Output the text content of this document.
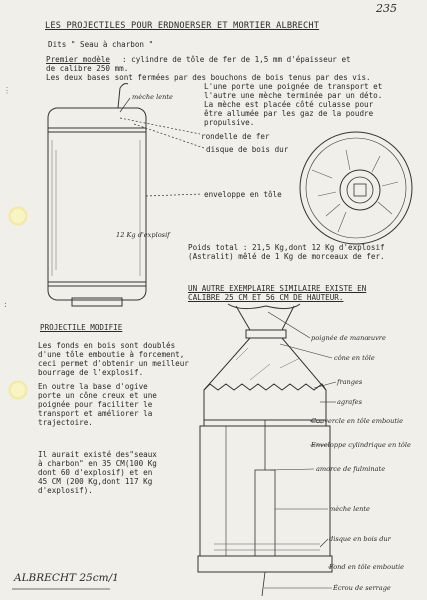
⋮
:
235
LES PROJECTILES POUR ERDNOERSER ET MORTIER ALBRECHT
Dits " Seau à charbon "
Premier modèle : cylindre de tôle de fer de 1,5 mm d'épaisseur et
de calibre 250 mm.
Les deux bases sont fermées par des bouchons de bois tenus par des vis.
L'une porte une poignée de transport et
l'autre une mèche terminée par un déto.
La mèche est placée côté culasse pour
être allumée par les gaz de la poudre
propulsive.
mèche lente
rondelle de fer
disque de bois dur
enveloppe en tôle
12 Kg d'explosif
Poids total : 21,5 Kg,dont 12 Kg d'explosif
(Astralit) mêlé de 1 Kg de morceaux de fer.
UN AUTRE EXEMPLAIRE SIMILAIRE EXISTE EN
CALIBRE 25 CM ET 56 CM DE HAUTEUR.
PROJECTILE MODIFIE
Les fonds en bois sont doublés
d'une tôle emboutie à forcement,
ceci permet d'obtenir un meilleur
bourrage de l'explosif.
En outre la base d'ogive
porte un cône creux et une
poignée pour faciliter le
transport et améliorer la
trajectoire.
Il aurait existé des"seaux
à charbon" en 35 CM(100 Kg
dont 60 d'explosif) et en
45 CM (200 Kg,dont 117 Kg
d'explosif).
poignée de manœuvre
cône en tôle
franges
agrafes
Couvercle en tôle emboutie
Enveloppe cylindrique en tôle
amorce de fulminate
mèche lente
disque en bois dur
Fond en tôle emboutie
Écrou de serrage
ALBRECHT 25cm/1
